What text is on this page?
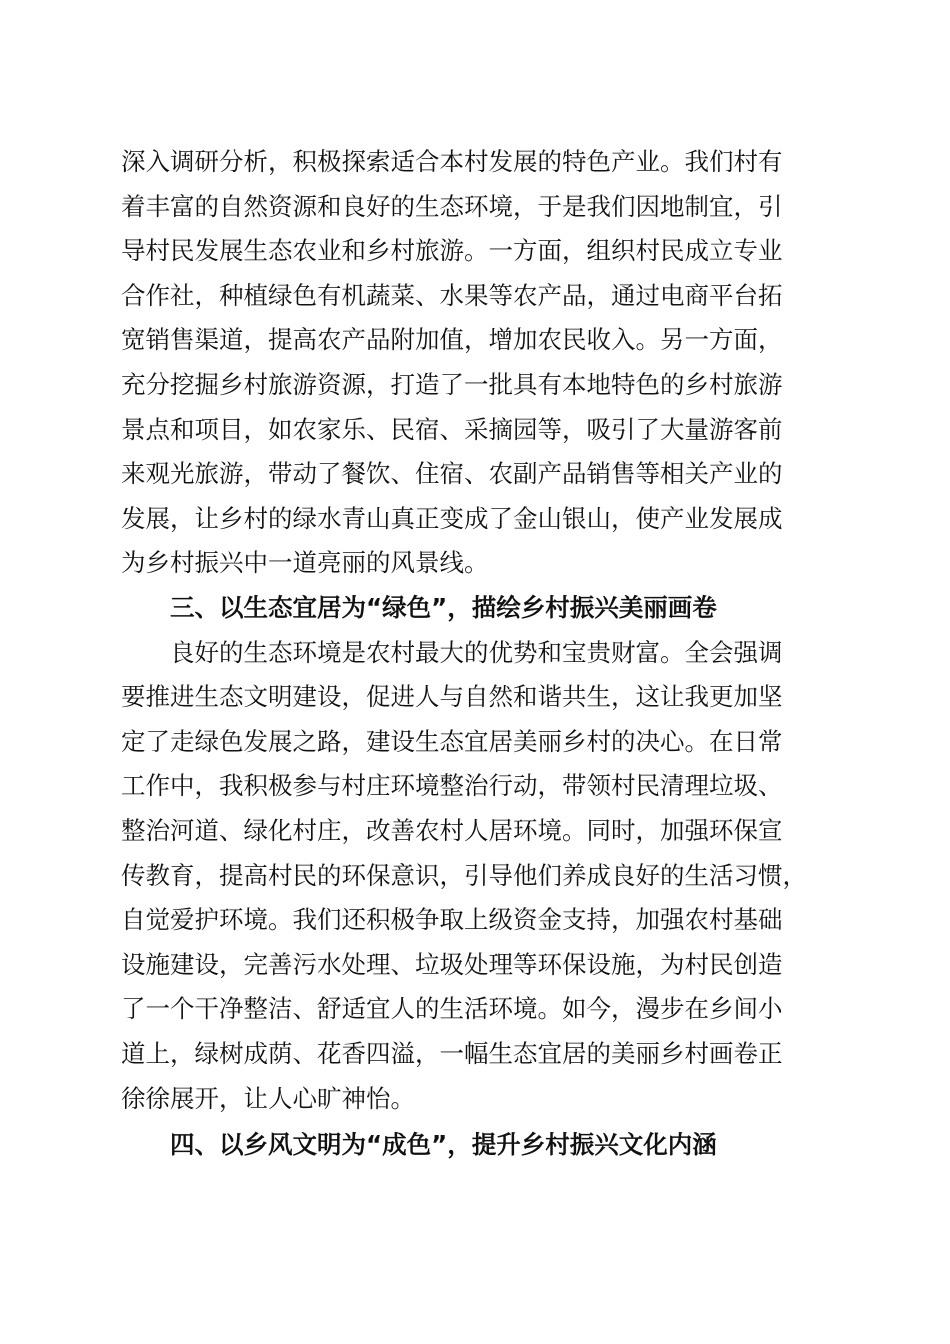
深入调研分析，积极探索适合本村发展的特色产业。我们村有
着丰富的自然资源和良好的生态环境，于是我们因地制宜，引
导村民发展生态农业和乡村旅游。一方面，组织村民成立专业
合作社，种植绿色有机蔬菜、水果等农产品，通过电商平台拓
宽销售渠道，提高农产品附加值，增加农民收入。另一方面，
充分挖掘乡村旅游资源，打造了一批具有本地特色的乡村旅游
景点和项目，如农家乐、民宿、采摘园等，吸引了大量游客前
来观光旅游，带动了餐饮、住宿、农副产品销售等相关产业的
发展，让乡村的绿水青山真正变成了金山银山，使产业发展成
为乡村振兴中一道亮丽的风景线。
三、以生态宜居为“绿色”，描绘乡村振兴美丽画卷
良好的生态环境是农村最大的优势和宝贵财富。全会强调
要推进生态文明建设，促进人与自然和谐共生，这让我更加坚
定了走绿色发展之路，建设生态宜居美丽乡村的决心。在日常
工作中，我积极参与村庄环境整治行动，带领村民清理垃圾、
整治河道、绿化村庄，改善农村人居环境。同时，加强环保宣
传教育，提高村民的环保意识，引导他们养成良好的生活习惯，
自觉爱护环境。我们还积极争取上级资金支持，加强农村基础
设施建设，完善污水处理、垃圾处理等环保设施，为村民创造
了一个干净整洁、舒适宜人的生活环境。如今，漫步在乡间小
道上，绿树成荫、花香四溢，一幅生态宜居的美丽乡村画卷正
徐徐展开，让人心旷神怡。
四、以乡风文明为“成色”，提升乡村振兴文化内涵
